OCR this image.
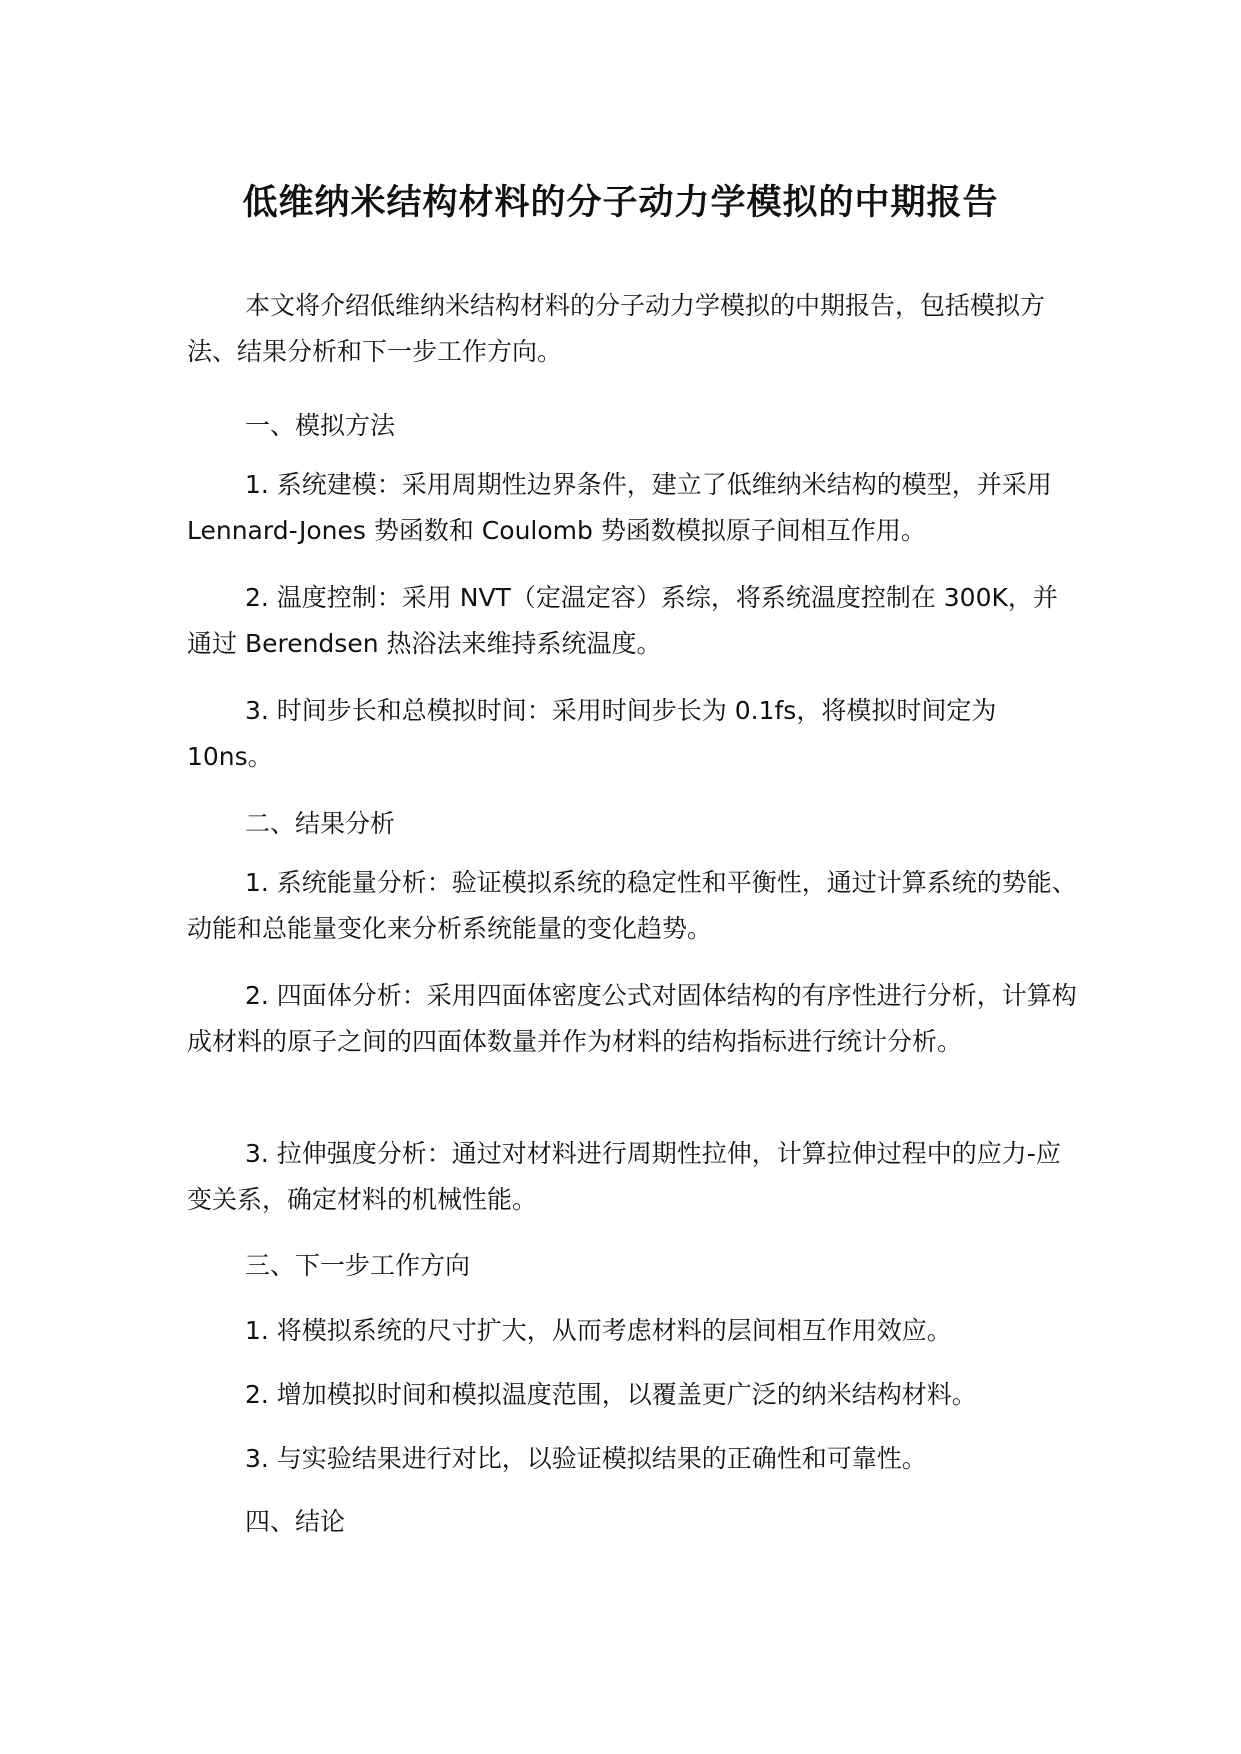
低维纳米结构材料的分子动力学模拟的中期报告
本文将介绍低维纳米结构材料的分子动力学模拟的中期报告，包括模拟方法、结果分析和下一步工作方向。
一、模拟方法
1. 系统建模：采用周期性边界条件，建立了低维纳米结构的模型，并采用 Lennard-Jones 势函数和 Coulomb 势函数模拟原子间相互作用。
2. 温度控制：采用 NVT（定温定容）系综，将系统温度控制在 300K，并通过 Berendsen 热浴法来维持系统温度。
3. 时间步长和总模拟时间：采用时间步长为 0.1fs，将模拟时间定为 10ns。
二、结果分析
1. 系统能量分析：验证模拟系统的稳定性和平衡性，通过计算系统的势能、动能和总能量变化来分析系统能量的变化趋势。
2. 四面体分析：采用四面体密度公式对固体结构的有序性进行分析，计算构成材料的原子之间的四面体数量并作为材料的结构指标进行统计分析。
3. 拉伸强度分析：通过对材料进行周期性拉伸，计算拉伸过程中的应力-应变关系，确定材料的机械性能。
三、下一步工作方向
1. 将模拟系统的尺寸扩大，从而考虑材料的层间相互作用效应。
2. 增加模拟时间和模拟温度范围，以覆盖更广泛的纳米结构材料。
3. 与实验结果进行对比，以验证模拟结果的正确性和可靠性。
四、结论
